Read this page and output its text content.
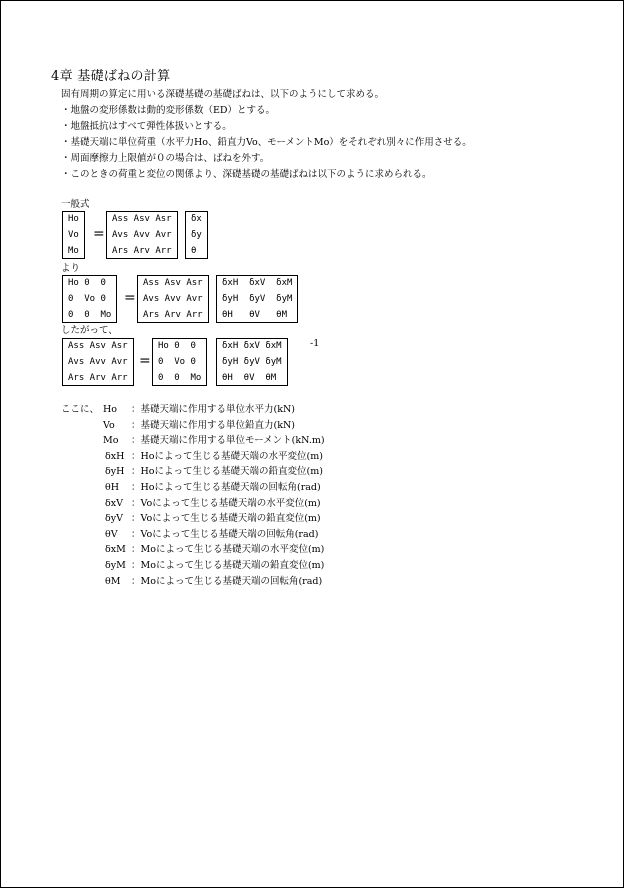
4章 基礎ばねの計算
固有周期の算定に用いる深礎基礎の基礎ばねは、以下のようにして求める。
・地盤の変形係数は動的変形係数（ED）とする。
・地盤抵抗はすべて弾性体扱いとする。
・基礎天端に単位荷重（水平力Ho、鉛直力Vo、モーメントMo）をそれぞれ別々に作用させる。
・周面摩擦力上限値が０の場合は、ばねを外す。
・このときの荷重と変位の関係より、深礎基礎の基礎ばねは以下のように求められる。
一般式
Ho
Vo
Mo
=
Ass Asv Asr
Avs Avv Avr
Ars Arv Arr
δx
δy
θ
より
Ho 0  0
0  Vo 0
0  0  Mo
=
Ass Asv Asr
Avs Avv Avr
Ars Arv Arr
δxH  δxV  δxM
δyH  δyV  δyM
θH   θV   θM
したがって、
Ass Asv Asr
Avs Avv Avr
Ars Arv Arr
=
Ho 0  0
0  Vo 0
0  0  Mo
δxH δxV δxM
δyH δyV δyM
θH  θV  θM
-1
ここに、 Ho ：基礎天端に作用する単位水平力(kN)
Vo ：基礎天端に作用する単位鉛直力(kN)
Mo ：基礎天端に作用する単位モーメント(kN.m)
δxH ：Hoによって生じる基礎天端の水平変位(m)
δyH ：Hoによって生じる基礎天端の鉛直変位(m)
θH ：Hoによって生じる基礎天端の回転角(rad)
δxV ：Voによって生じる基礎天端の水平変位(m)
δyV ：Voによって生じる基礎天端の鉛直変位(m)
θV ：Voによって生じる基礎天端の回転角(rad)
δxM ：Moによって生じる基礎天端の水平変位(m)
δyM ：Moによって生じる基礎天端の鉛直変位(m)
θM ：Moによって生じる基礎天端の回転角(rad)
